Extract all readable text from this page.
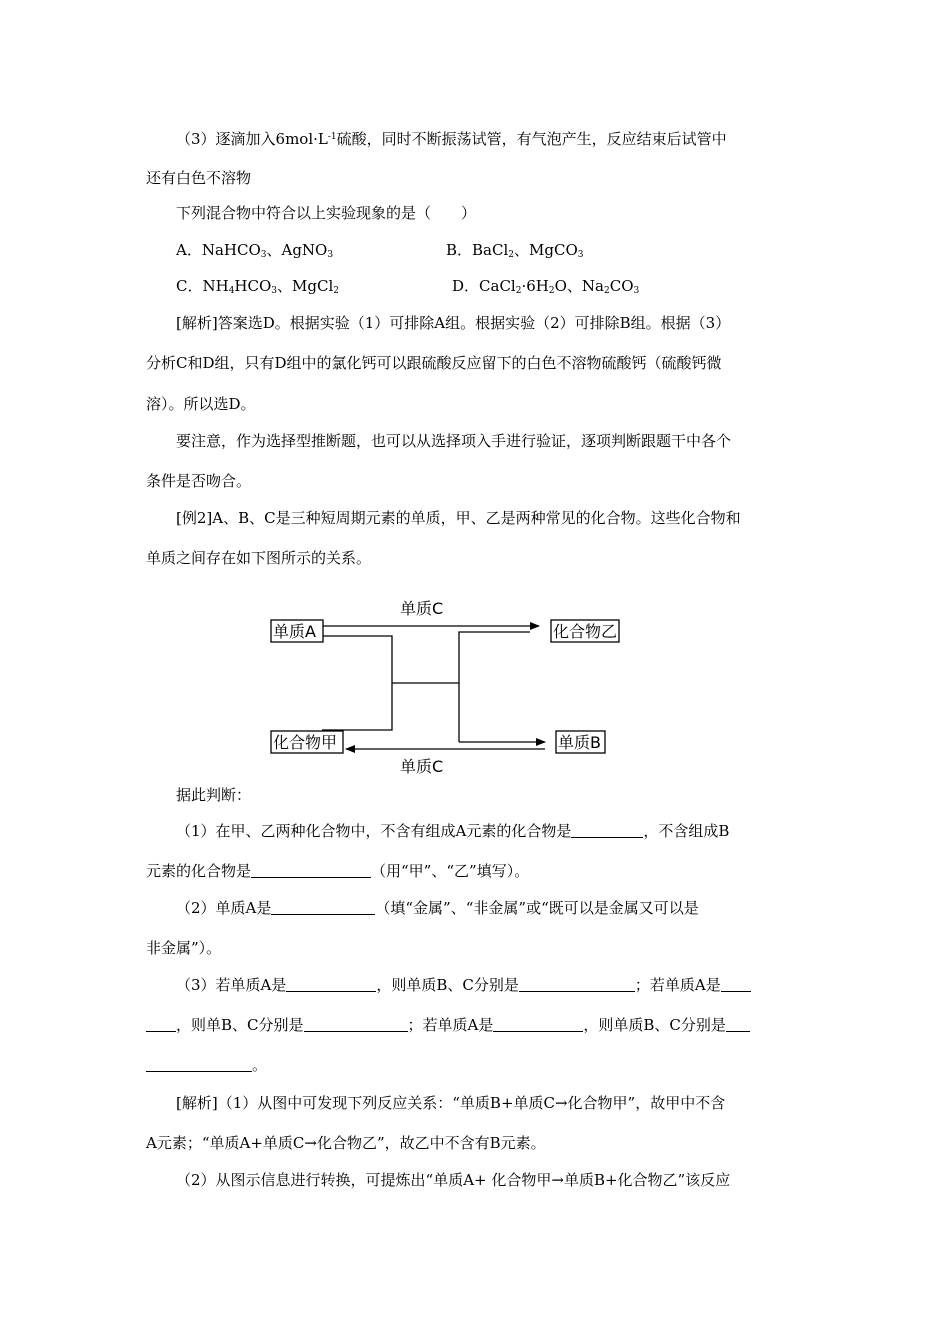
（3）逐滴加入$6mol\cdot L^{-1}$硫酸，同时不断振荡试管，有气泡产生，反应结束后试管中
还有白色不溶物
下列混合物中符合以上实验现象的是（　　）
A．NaHCO$_3$、AgNO$_3$	B．BaCl$_2$、MgCO$_3$
C．$NH_4HCO_3$、MgCl$_2$	D．$CaCl_2\cdot 6H_2O$、$Na_2CO_3$
[解析]答案选D。根据实验（1）可排除A组。根据实验（2）可排除B组。根据（3）
分析C和D组，只有D组中的氯化钙可以跟硫酸反应留下的白色不溶物硫酸钙（硫酸钙微
溶）。所以选D。
要注意，作为选择型推断题，也可以从选择项入手进行验证，逐项判断跟题干中各个
条件是否吻合。
[例2]A、B、C是三种短周期元素的单质，甲、乙是两种常见的化合物。这些化合物和
单质之间存在如下图所示的关系。
单质C
单质A	化合物乙
化合物甲	单质B
单质C
据此判断：
（1）在甲、乙两种化合物中，不含有组成A元素的化合物是	，不含组成B
元素的化合物是	（用“甲”、“乙”填写）。
（2）单质A是	（填“金属”、“非金属”或“既可以是金属又可以是
非金属”）。
（3）若单质A是	，则单质B、C分别是	；若单质A是
，则单B、C分别是	；若单质A是	，则单质B、C分别是
。
[解析]（1）从图中可发现下列反应关系：“单质B+单质C→化合物甲”，故甲中不含
A元素；“单质A+单质C→化合物乙”，故乙中不含有B元素。
（2）从图示信息进行转换，可提炼出“单质A+ 化合物甲→单质B+化合物乙”该反应
